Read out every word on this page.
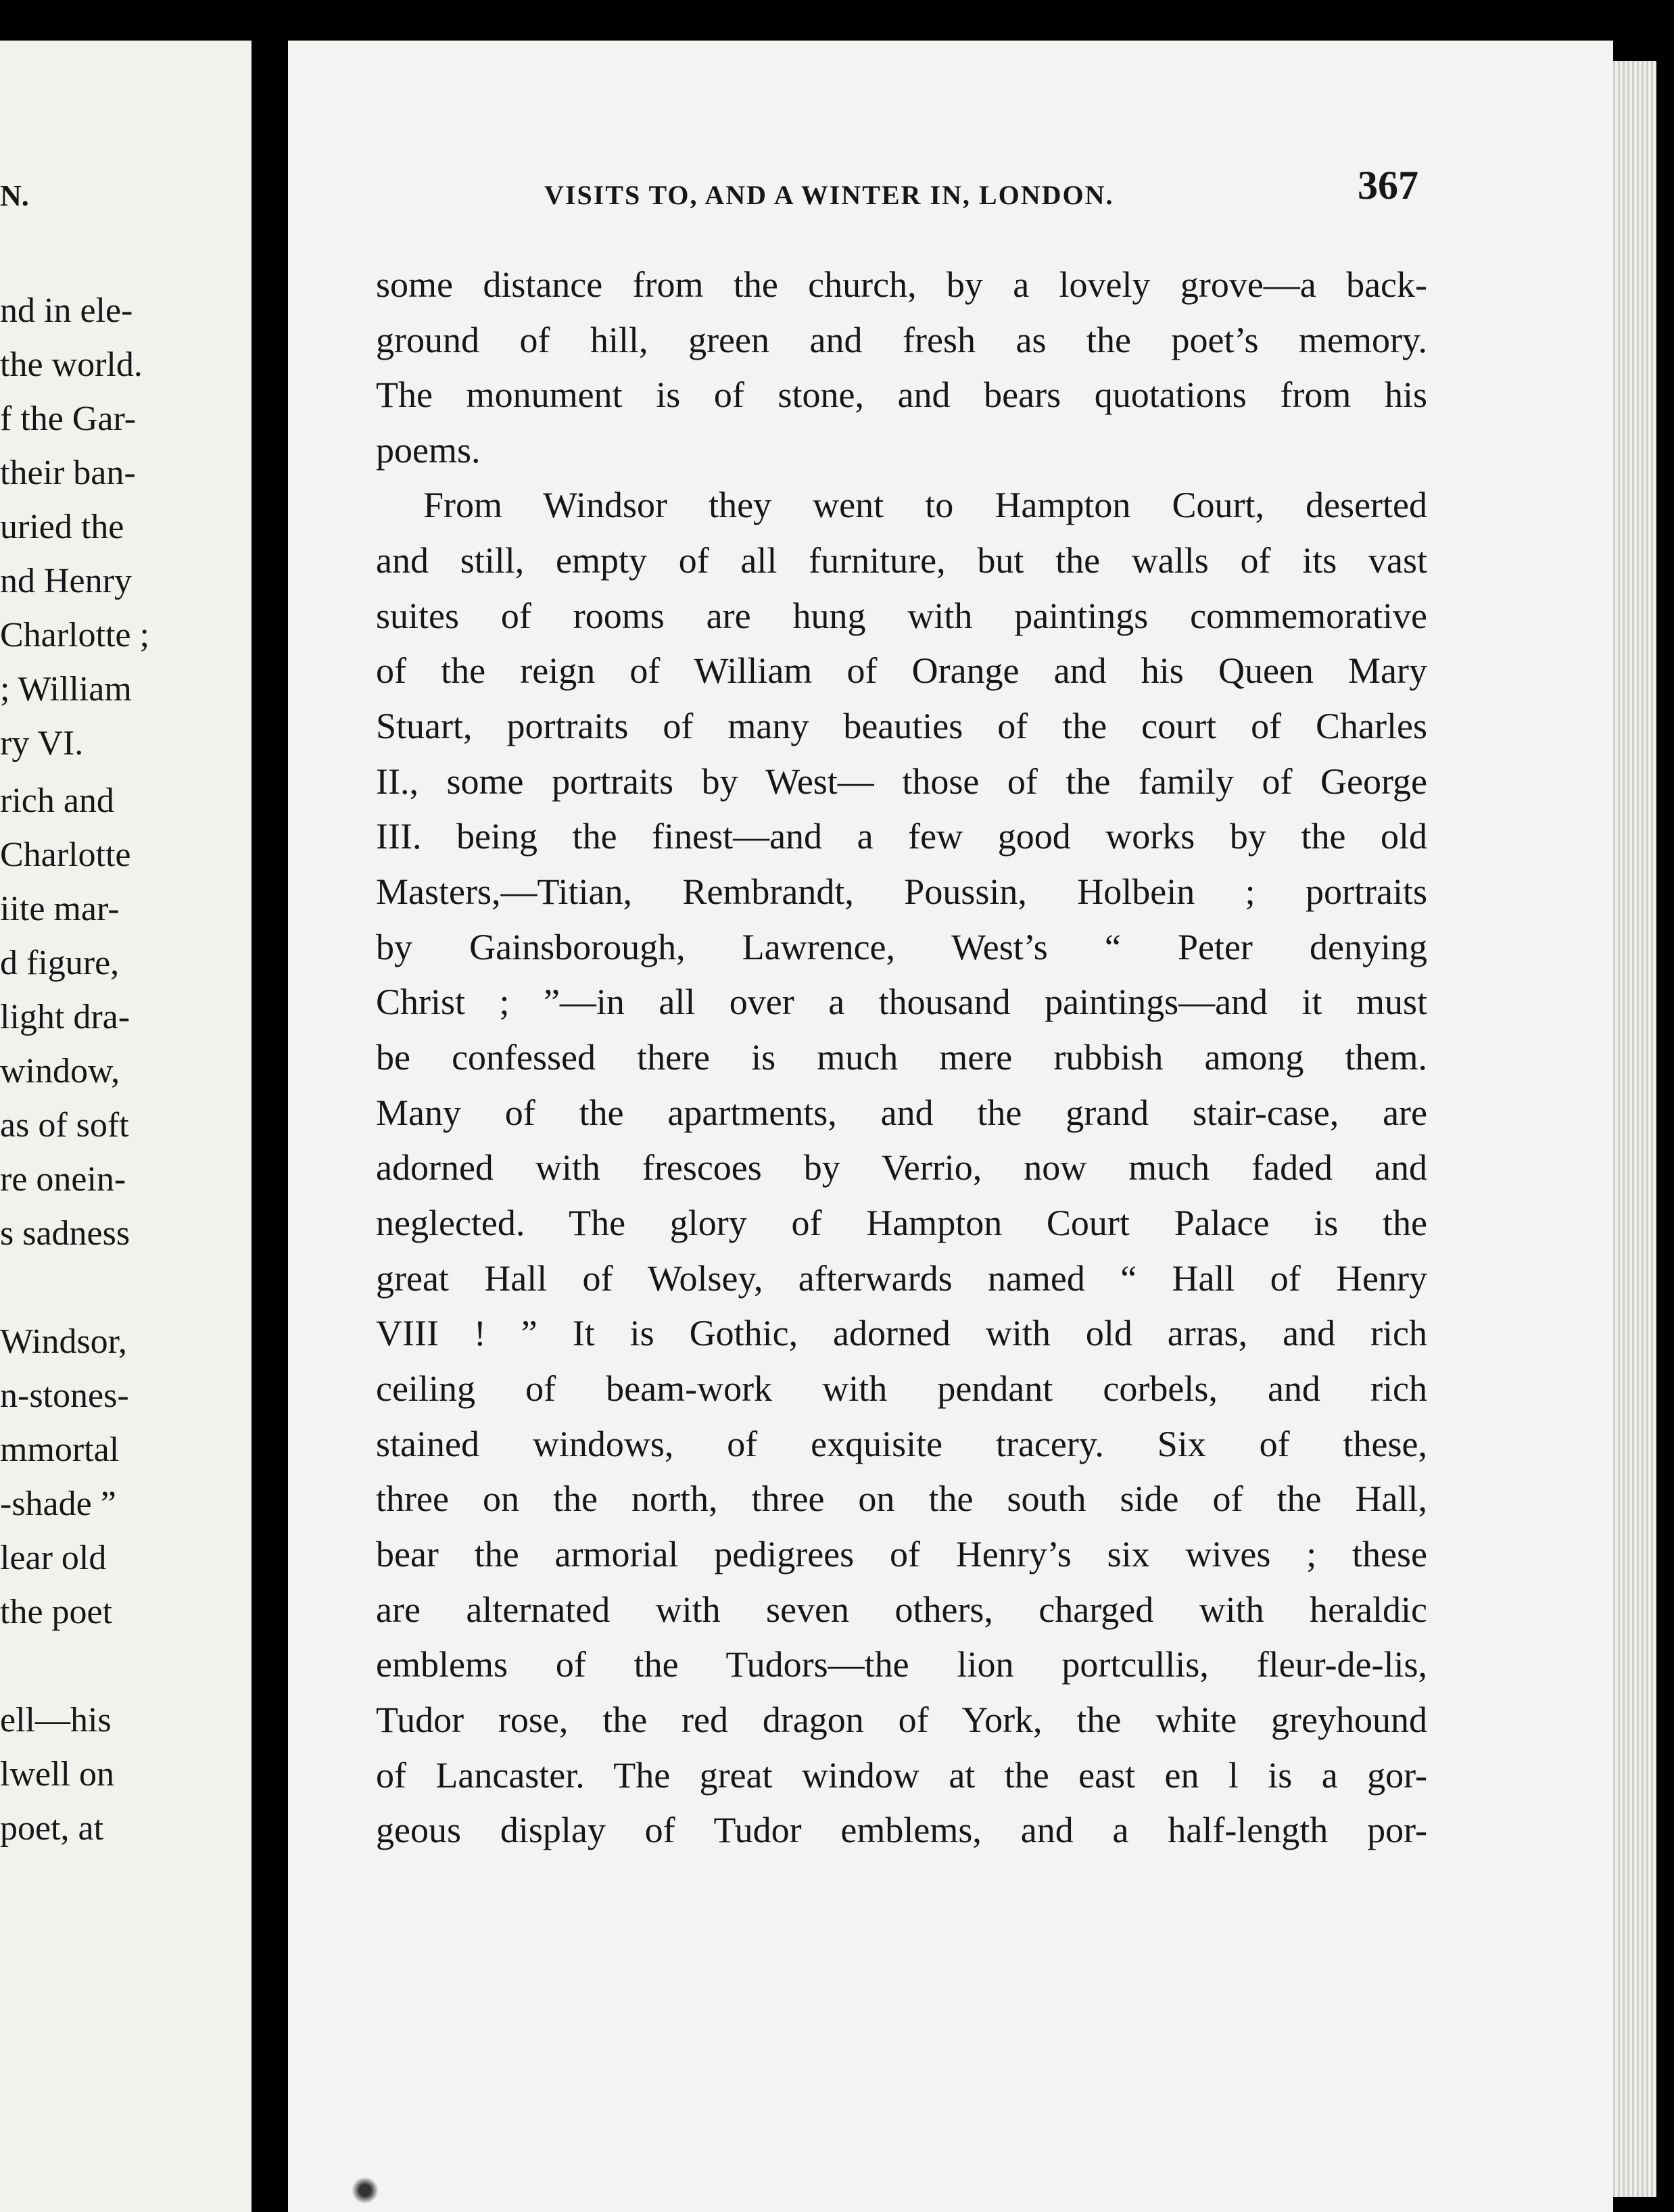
N.
nd in ele-
the world.
f the Gar-
their ban-
uried the
nd Henry
Charlotte ;
; William
ry VI.
rich and
Charlotte
iite mar-
d figure,
light dra-
window,
as of soft
re onein-
s sadness
Windsor,
n-stones-
mmortal
-shade ”
lear old
the poet
ell—his
lwell on
poet, at
VISITS TO, AND A WINTER IN, LONDON.	367
some distance from the church, by a lovely grove—a back-
ground of hill, green and fresh as the poet’s memory.
The monument is of stone, and bears quotations from his
poems.
From Windsor they went to Hampton Court, deserted
and still, empty of all furniture, but the walls of its vast
suites of rooms are hung with paintings commemorative
of the reign of William of Orange and his Queen Mary
Stuart, portraits of many beauties of the court of Charles
II., some portraits by West— those of the family of George
III. being the finest—and a few good works by the old
Masters,—Titian, Rembrandt, Poussin, Holbein ; portraits
by Gainsborough, Lawrence, West’s “ Peter denying
Christ ; ”—in all over a thousand paintings—and it must
be confessed there is much mere rubbish among them.
Many of the apartments, and the grand stair-case, are
adorned with frescoes by Verrio, now much faded and
neglected. The glory of Hampton Court Palace is the
great Hall of Wolsey, afterwards named “ Hall of Henry
VIII ! ” It is Gothic, adorned with old arras, and rich
ceiling of beam-work with pendant corbels, and rich
stained windows, of exquisite tracery. Six of these,
three on the north, three on the south side of the Hall,
bear the armorial pedigrees of Henry’s six wives ; these
are alternated with seven others, charged with heraldic
emblems of the Tudors—the lion portcullis, fleur-de-lis,
Tudor rose, the red dragon of York, the white greyhound
of Lancaster. The great window at the east en l is a gor-
geous display of Tudor emblems, and a half-length por-
